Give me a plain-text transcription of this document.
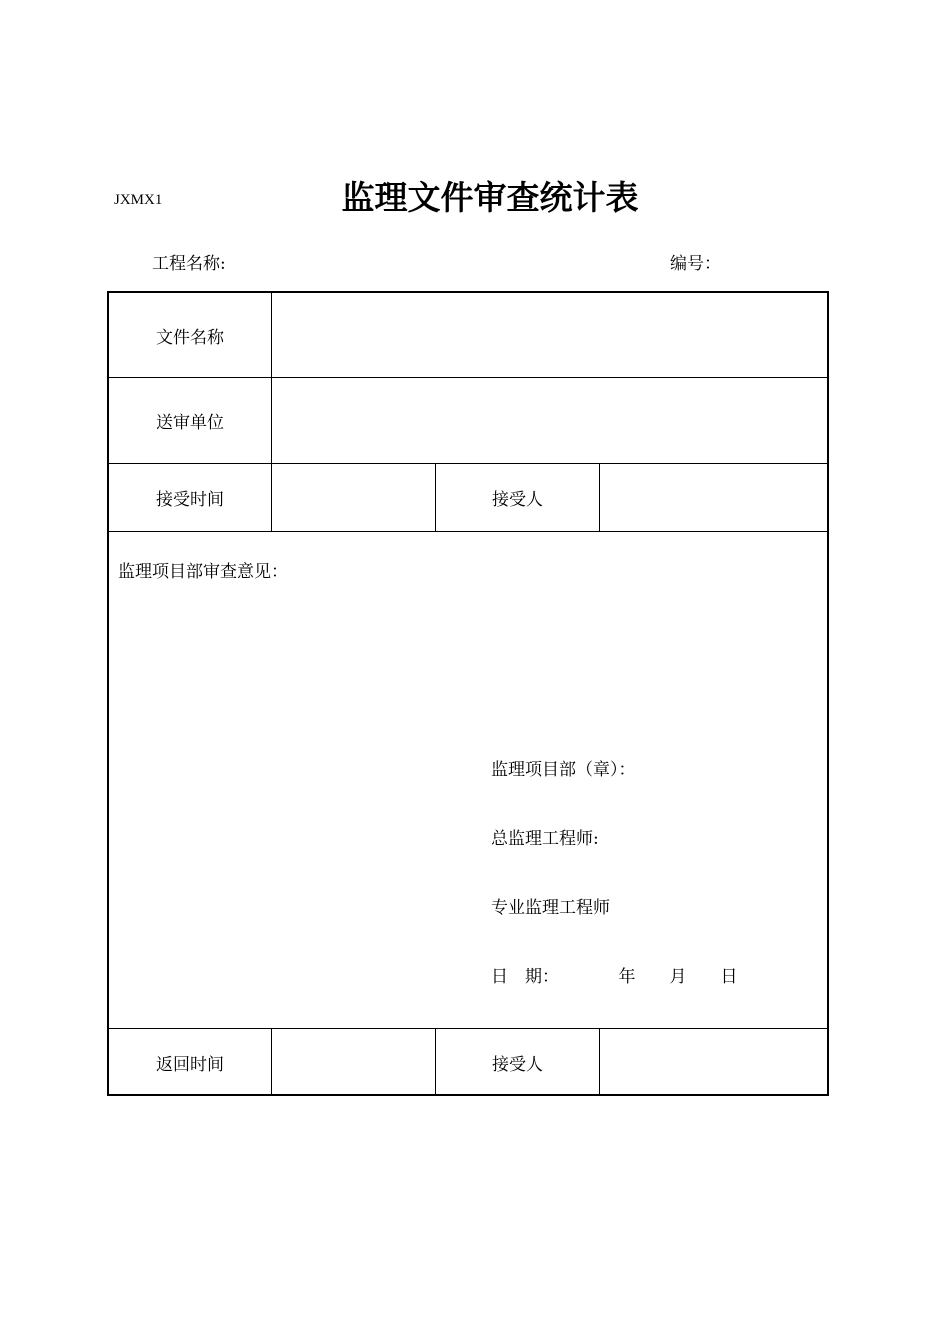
JXMX1	监理文件审查统计表
工程名称:	编号：
文件名称
送审单位
接受时间	接受人
监理项目部审查意见：
监理项目部（章）：
总监理工程师:
专业监理工程师
日　期：　　　　年　　月　　日
返回时间	接受人
